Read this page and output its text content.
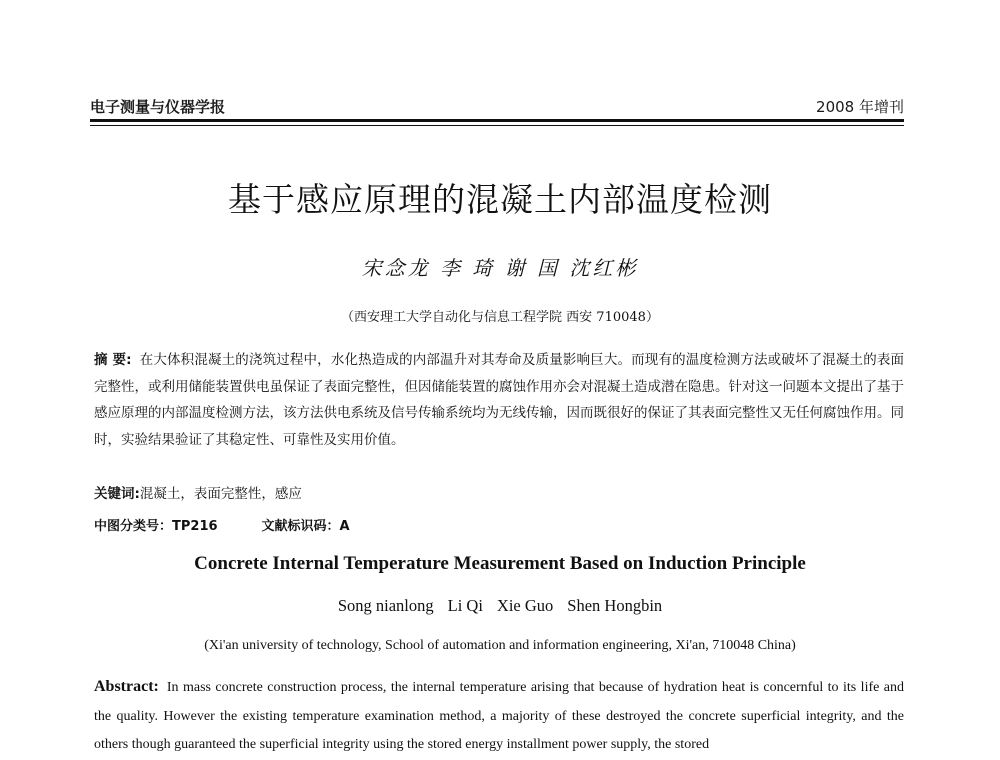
电子测量与仪器学报	2008 年增刊
基于感应原理的混凝土内部温度检测
宋念龙 李 琦 谢 国 沈红彬
（西安理工大学自动化与信息工程学院 西安 710048）
摘 要: 在大体积混凝土的浇筑过程中，水化热造成的内部温升对其寿命及质量影响巨大。而现有的温度检测方法或破坏了混凝土的表面完整性，或利用储能装置供电虽保证了表面完整性，但因储能装置的腐蚀作用亦会对混凝土造成潜在隐患。针对这一问题本文提出了基于感应原理的内部温度检测方法，该方法供电系统及信号传输系统均为无线传输，因而既很好的保证了其表面完整性又无任何腐蚀作用。同时，实验结果验证了其稳定性、可靠性及实用价值。
关键词:混凝土，表面完整性，感应
中图分类号：TP216	文献标识码：A
Concrete Internal Temperature Measurement Based on Induction Principle
Song nianlong Li Qi Xie Guo Shen Hongbin
(Xi'an university of technology, School of automation and information engineering, Xi'an, 710048 China)
Abstract: In mass concrete construction process, the internal temperature arising that because of hydration heat is concernful to its life and the quality. However the existing temperature examination method, a majority of these destroyed the concrete superficial integrity, and the others though guaranteed the superficial integrity using the stored energy installment power supply, the stored
